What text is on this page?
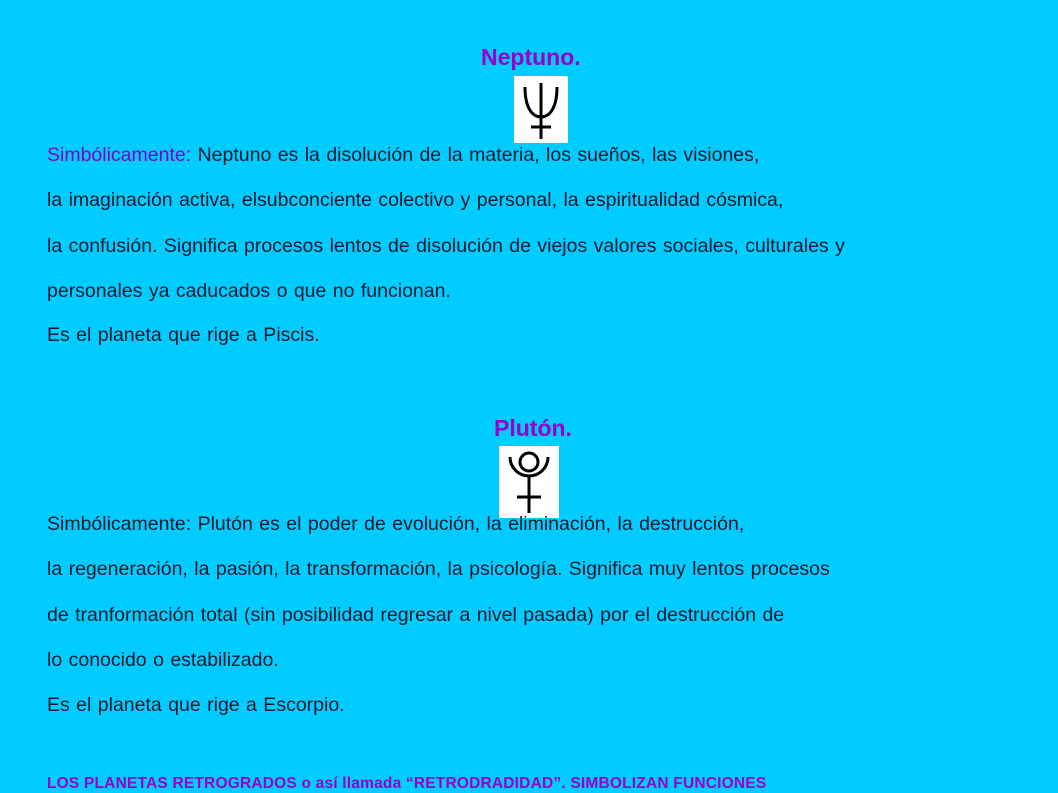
Neptuno.
Simbólicamente: Neptuno es la disolución de la materia, los sueños, las visiones,
la imaginación activa, elsubconciente colectivo y personal, la espiritualidad cósmica,
la confusión. Significa procesos lentos de disolución de viejos valores sociales, culturales y
personales ya caducados o que no funcionan.
Es el planeta que rige a Piscis.
Plutón.
Simbólicamente: Plutón es el poder de evolución, la eliminación, la destrucción,
la regeneración, la pasión, la transformación, la psicología. Significa muy lentos procesos
de tranformación total (sin posibilidad regresar a nivel pasada) por el destrucción de
lo conocido o estabilizado.
Es el planeta que rige a Escorpio.
LOS PLANETAS RETROGRADOS o así llamada “RETRODRADIDAD”. SIMBOLIZAN FUNCIONES
